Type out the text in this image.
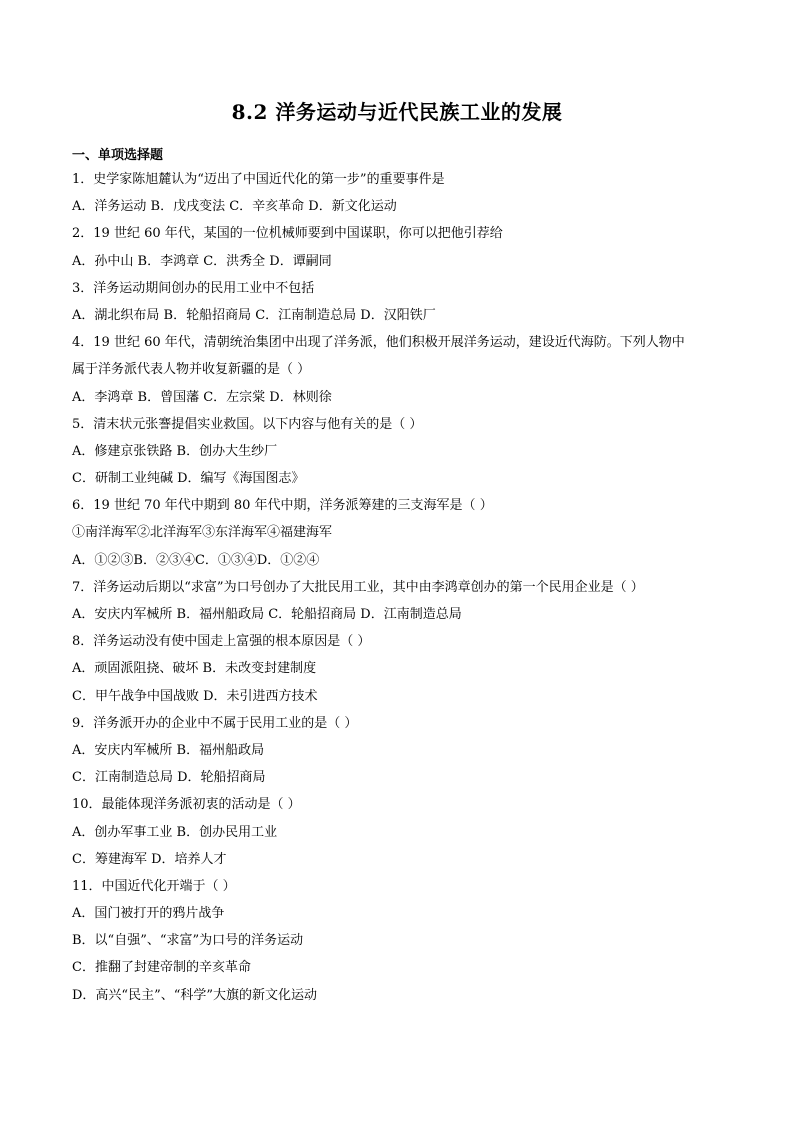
8.2 洋务运动与近代民族工业的发展
一、单项选择题
1．史学家陈旭麓认为“迈出了中国近代化的第一步”的重要事件是
A．洋务运动 B．戊戌变法 C．辛亥革命 D．新文化运动
2．19 世纪 60 年代，某国的一位机械师要到中国谋职，你可以把他引荐给
A．孙中山 B．李鸿章 C．洪秀全 D．谭嗣同
3．洋务运动期间创办的民用工业中不包括
A．湖北织布局 B．轮船招商局 C．江南制造总局 D．汉阳铁厂
4．19 世纪 60 年代，清朝统治集团中出现了洋务派，他们积极开展洋务运动，建设近代海防。下列人物中
属于洋务派代表人物并收复新疆的是（ ）
A．李鸿章 B．曾国藩 C．左宗棠 D．林则徐
5．清末状元张謇提倡实业救国。以下内容与他有关的是（ ）
A．修建京张铁路 B．创办大生纱厂
C．研制工业纯碱 D．编写《海国图志》
6．19 世纪 70 年代中期到 80 年代中期，洋务派筹建的三支海军是（ ）
①南洋海军②北洋海军③东洋海军④福建海军
A．①②③B．②③④C．①③④D．①②④
7．洋务运动后期以“求富”为口号创办了大批民用工业，其中由李鸿章创办的第一个民用企业是（ ）
A．安庆内军械所 B．福州船政局 C．轮船招商局 D．江南制造总局
8．洋务运动没有使中国走上富强的根本原因是（ ）
A．顽固派阻挠、破坏 B．未改变封建制度
C．甲午战争中国战败 D．未引进西方技术
9．洋务派开办的企业中不属于民用工业的是（ ）
A．安庆内军械所 B．福州船政局
C．江南制造总局 D．轮船招商局
10．最能体现洋务派初衷的活动是（ ）
A．创办军事工业 B．创办民用工业
C．筹建海军 D．培养人才
11．中国近代化开端于（ ）
A．国门被打开的鸦片战争
B．以“自强”、“求富”为口号的洋务运动
C．推翻了封建帝制的辛亥革命
D．高兴“民主”、“科学”大旗的新文化运动
